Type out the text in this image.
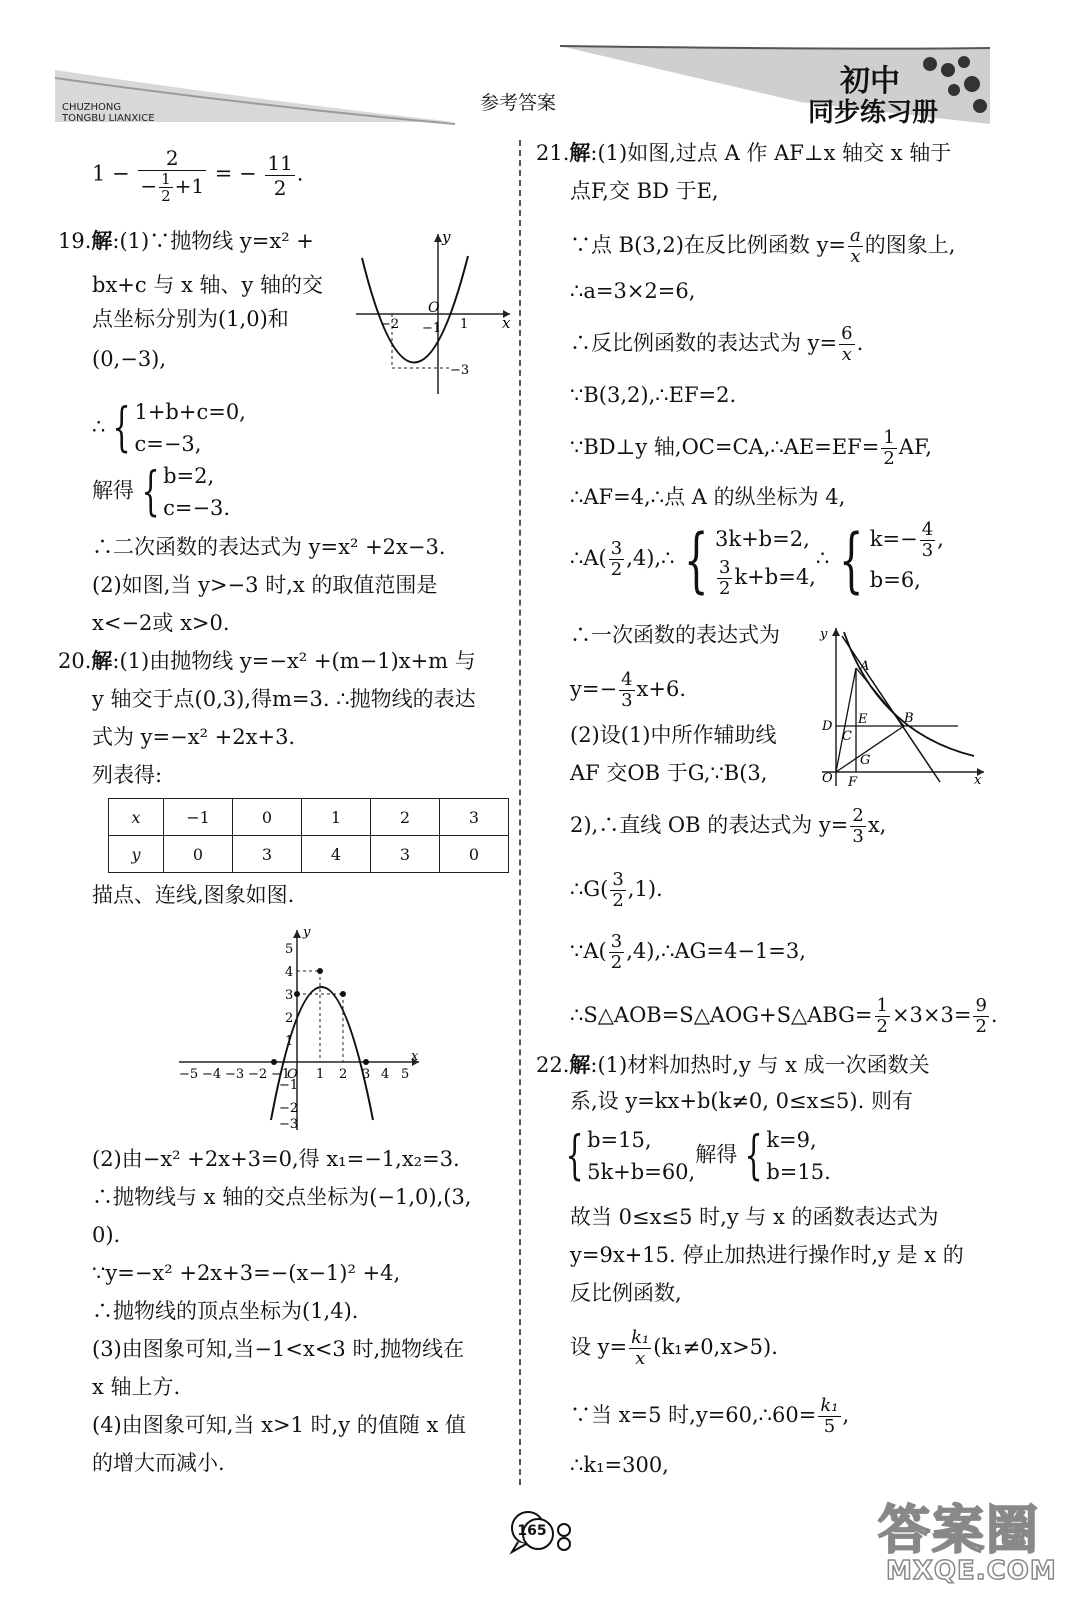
CHUZHONG
TONGBU LIANXICE
参考答案
初中
同步练习册
$1 - \frac{2}{- \frac{1}{2} +1}$ = − $\frac{11}{2}$ .
19.解:(1)∵抛物线 y=x² +
bx+c 与 x 轴、y 轴的交
点坐标分别为(1,0)和
(0,−3),
∴ { 1+b+c=0,
c=−3,
解得 { b=2,
c=−3.
∴二次函数的表达式为 y=x² +2x−3.
(2)如图,当 y>−3 时,x 的取值范围是
x<−2或 x>0.
x
y
O
−2 −1 1
−3
20.解:(1)由抛物线 y=−x² +(m−1)x+m 与
y 轴交于点(0,3),得m=3. ∴抛物线的表达
式为 y=−x² +2x+3.
列表得:
x	−1	0	1	2	3
y	0	3	4	3	0
描点、连线,图象如图.
x
y
O
−5 −4 −3 −2 −1 1 2 3 4 5
5
4
3
2
1
−1
−2
−3
(2)由−x² +2x+3=0,得 x₁=−1,x₂=3.
∴抛物线与 x 轴的交点坐标为(−1,0),(3,
0).
∵y=−x² +2x+3=−(x−1)² +4,
∴抛物线的顶点坐标为(1,4).
(3)由图象可知,当−1<x<3 时,抛物线在
x 轴上方.
(4)由图象可知,当 x>1 时,y 的值随 x 值
的增大而减小.
21.解:(1)如图,过点 A 作 AF⊥x 轴交 x 轴于
点F,交 BD 于E,
∵点 B(3,2)在反比例函数 $y= \frac{a}{x}$ 的图象上,
∴a=3×2=6,
∴反比例函数的表达式为 $y= \frac{6}{x}$ .
∵B(3,2),∴EF=2.
∵BD⊥y 轴,OC=CA,∴AE=EF= $\frac{1}{2}$ AF,
∴AF=4,∴点 A 的纵坐标为 4,
∴A( $\frac{3}{2}$ ,4),∴ { 3k+b=2,
$\frac{3}{2} k+b=4$,
∴ { $k=- \frac{4}{3}$ ,
b=6,
∴一次函数的表达式为
$y=- \frac{4}{3} x+6$.
(2)设(1)中所作辅助线
AF 交OB 于G,∵B(3,	x
y
A
E	B
D
C
G
O F
2),∴直线 OB 的表达式为 $y= \frac{2}{3} x$,
∴G( $\frac{3}{2} ,1$).
∵A( $\frac{3}{2}$ ,4),∴AG=4−1=3,
∴S△AOB=S△AOG+S△ABG= $\frac{1}{2} \times 3\times 3= \frac{9}{2}$ .
22.解:(1)材料加热时,y 与 x 成一次函数关
系,设 y=kx+b(k≠0, 0≤x≤5). 则有
{ b=15,
5k+b=60,
解得 { k=9,
b=15.
故当 0≤x≤5 时,y 与 x 的函数表达式为
y=9x+15. 停止加热进行操作时,y 是 x 的
反比例函数,
设 $y= \frac{\text{k₁}}{x} (k_1\ne 0,x>5)$.
∵当 x=5 时,y=60,∴60= $\frac{\text{k₁}}{5}$ ,
∴k₁=300,
165	答案圈
MXQE.COM
